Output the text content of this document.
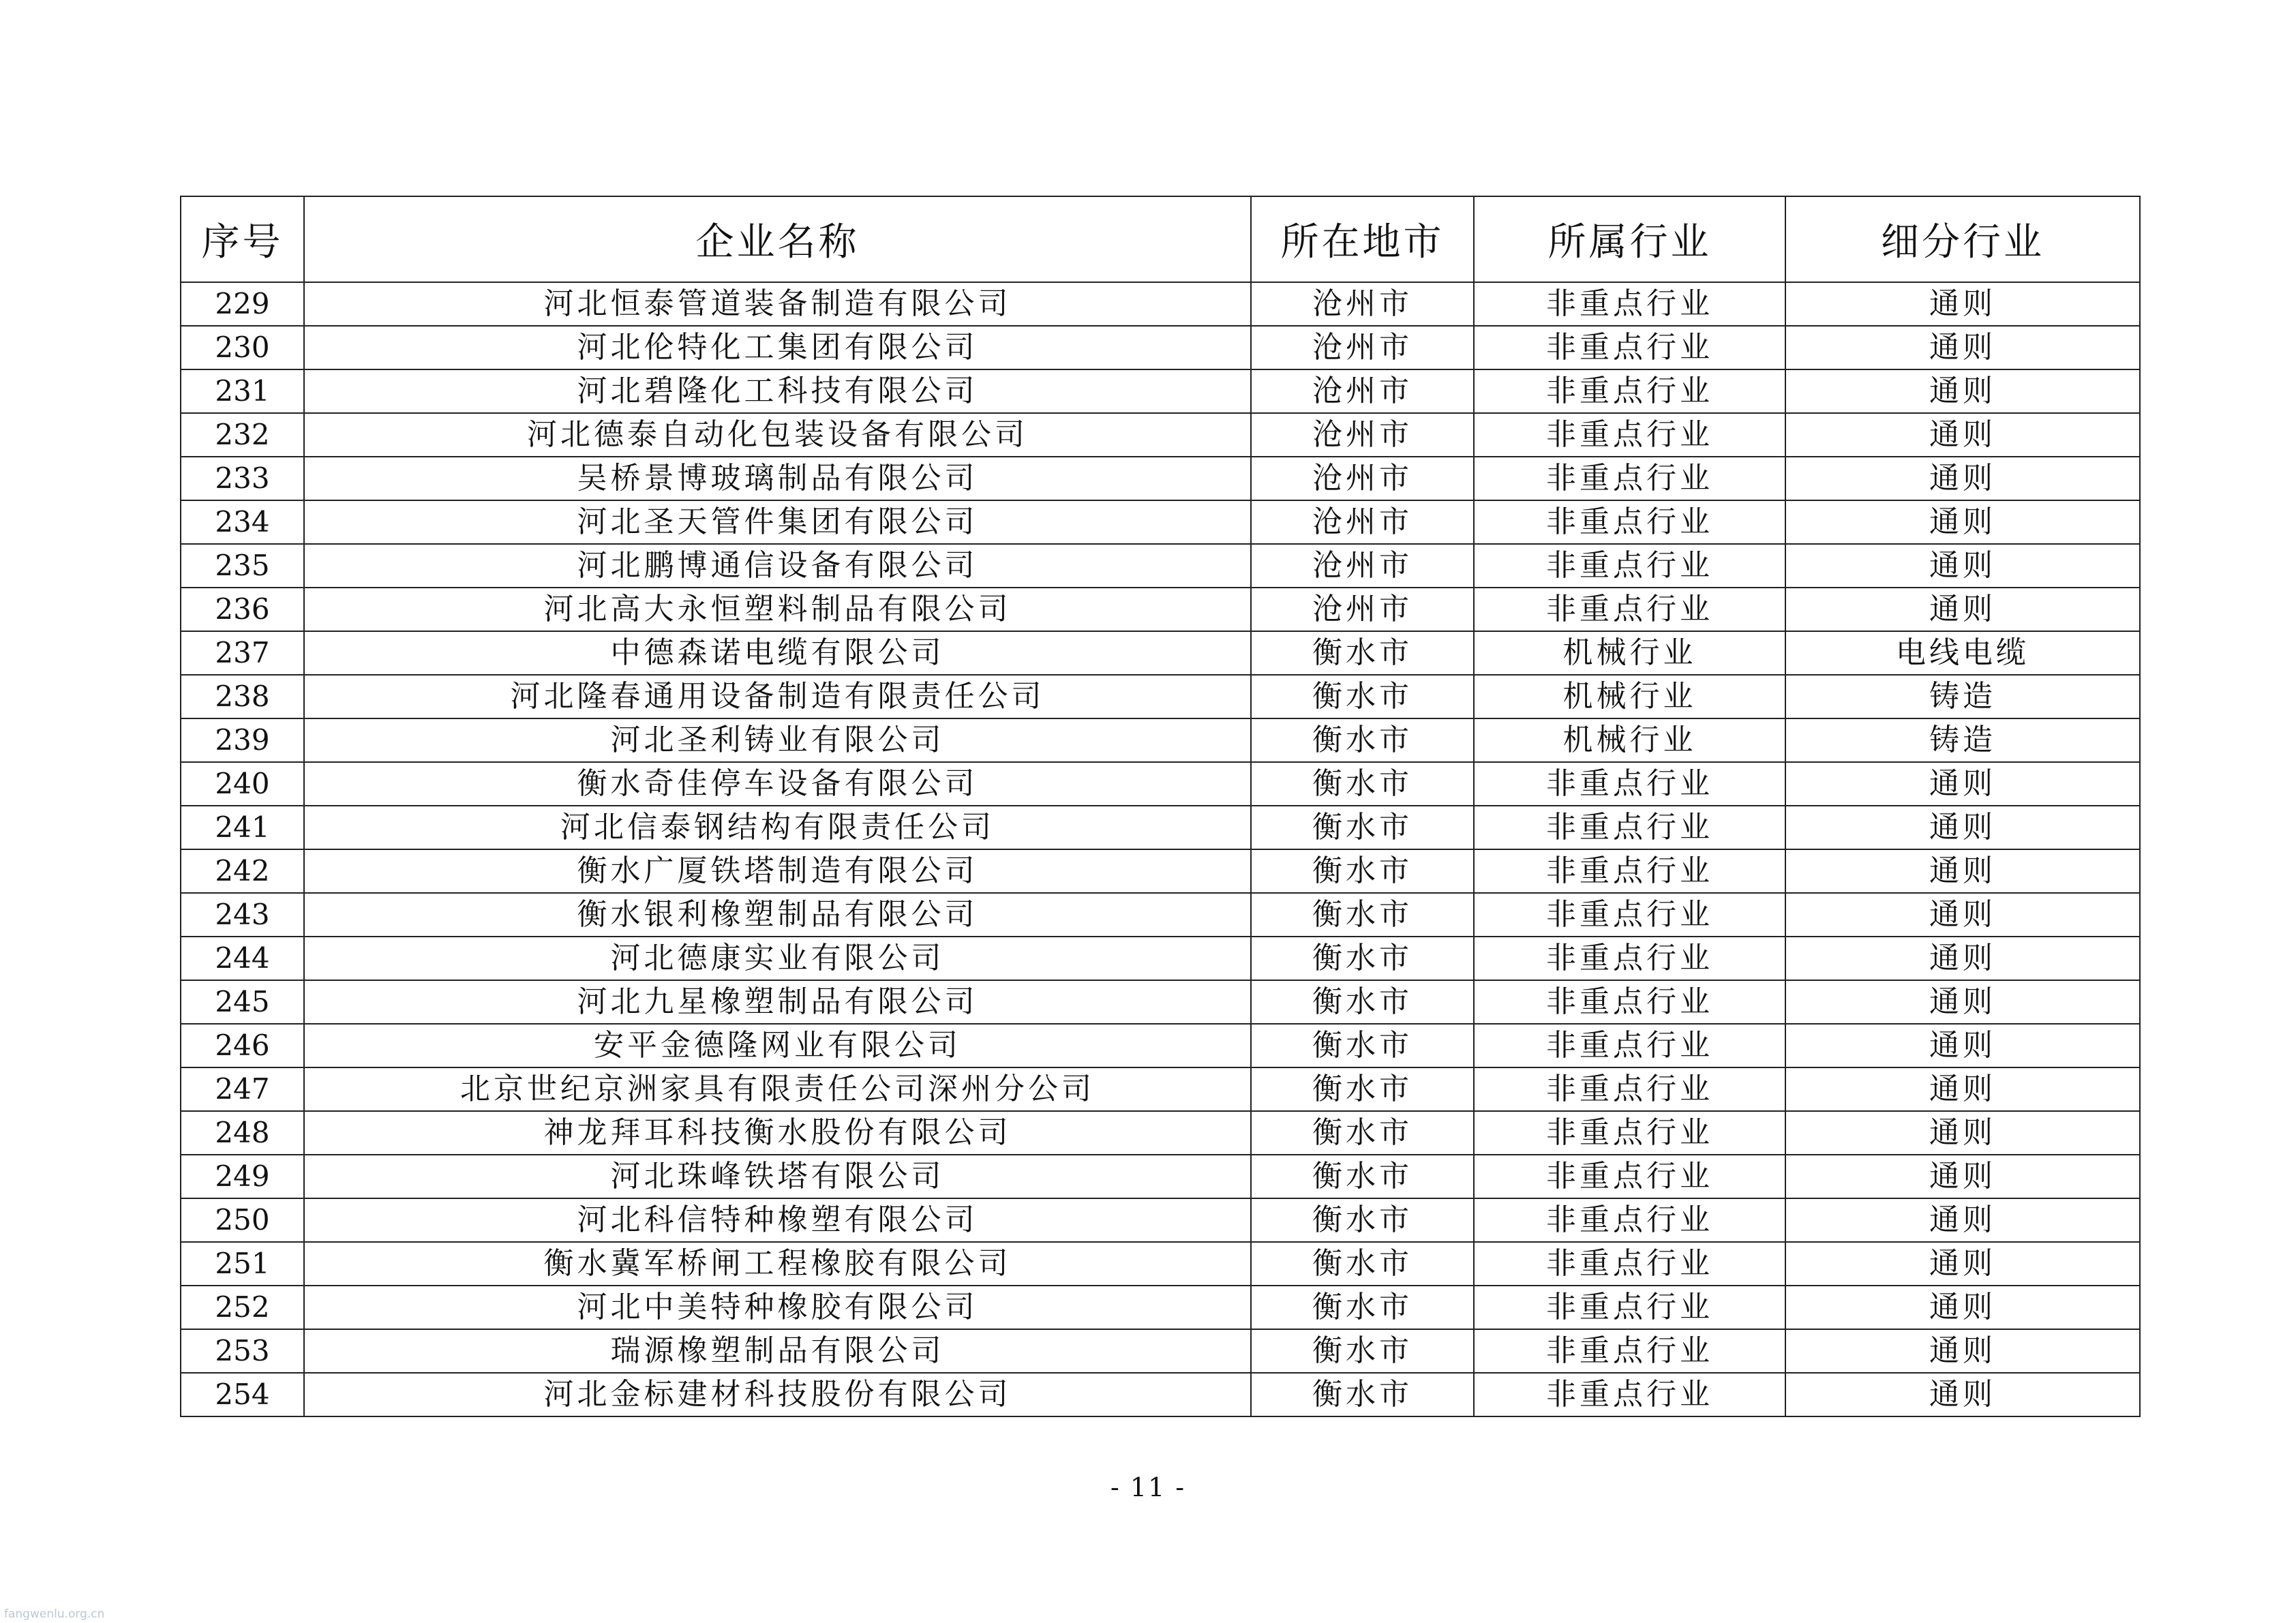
序号	企业名称	所在地市	所属行业	细分行业
229	河北恒泰管道装备制造有限公司	沧州市	非重点行业	通则
230	河北伦特化工集团有限公司	沧州市	非重点行业	通则
231	河北碧隆化工科技有限公司	沧州市	非重点行业	通则
232	河北德泰自动化包装设备有限公司	沧州市	非重点行业	通则
233	吴桥景博玻璃制品有限公司	沧州市	非重点行业	通则
234	河北圣天管件集团有限公司	沧州市	非重点行业	通则
235	河北鹏博通信设备有限公司	沧州市	非重点行业	通则
236	河北高大永恒塑料制品有限公司	沧州市	非重点行业	通则
237	中德森诺电缆有限公司	衡水市	机械行业	电线电缆
238	河北隆春通用设备制造有限责任公司	衡水市	机械行业	铸造
239	河北圣利铸业有限公司	衡水市	机械行业	铸造
240	衡水奇佳停车设备有限公司	衡水市	非重点行业	通则
241	河北信泰钢结构有限责任公司	衡水市	非重点行业	通则
242	衡水广厦铁塔制造有限公司	衡水市	非重点行业	通则
243	衡水银利橡塑制品有限公司	衡水市	非重点行业	通则
244	河北德康实业有限公司	衡水市	非重点行业	通则
245	河北九星橡塑制品有限公司	衡水市	非重点行业	通则
246	安平金德隆网业有限公司	衡水市	非重点行业	通则
247	北京世纪京洲家具有限责任公司深州分公司	衡水市	非重点行业	通则
248	神龙拜耳科技衡水股份有限公司	衡水市	非重点行业	通则
249	河北珠峰铁塔有限公司	衡水市	非重点行业	通则
250	河北科信特种橡塑有限公司	衡水市	非重点行业	通则
251	衡水冀军桥闸工程橡胶有限公司	衡水市	非重点行业	通则
252	河北中美特种橡胶有限公司	衡水市	非重点行业	通则
253	瑞源橡塑制品有限公司	衡水市	非重点行业	通则
254	河北金标建材科技股份有限公司	衡水市	非重点行业	通则
- 11 -
fangwenlu.org.cn
